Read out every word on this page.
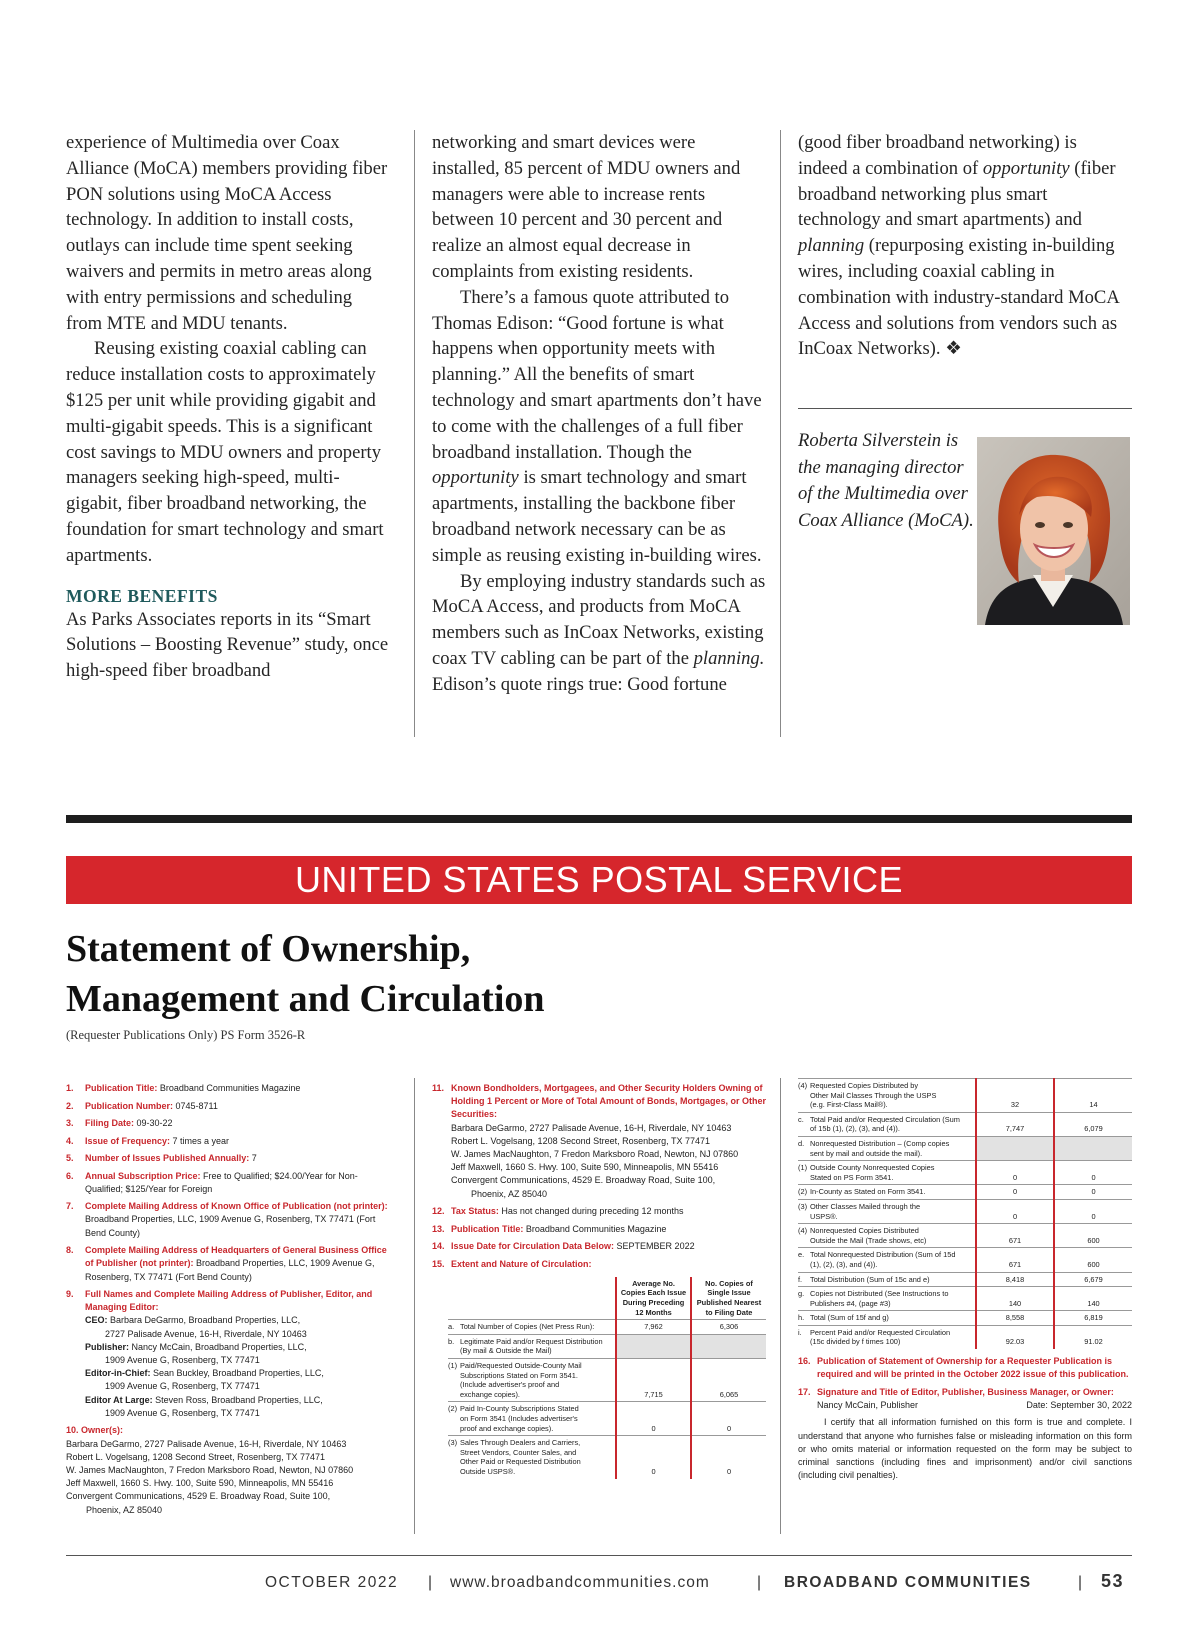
experience of Multimedia over Coax Alliance (MoCA) members providing fiber PON solutions using MoCA Access technology. In addition to install costs, outlays can include time spent seeking waivers and permits in metro areas along with entry permissions and scheduling from MTE and MDU tenants.

Reusing existing coaxial cabling can reduce installation costs to approximately $125 per unit while providing gigabit and multi-gigabit speeds. This is a significant cost savings to MDU owners and property managers seeking high-speed, multi-gigabit, fiber broadband networking, the foundation for smart technology and smart apartments.

MORE BENEFITS

As Parks Associates reports in its “Smart Solutions – Boosting Revenue” study, once high-speed fiber broadband

networking and smart devices were installed, 85 percent of MDU owners and managers were able to increase rents between 10 percent and 30 percent and realize an almost equal decrease in complaints from existing residents.

There’s a famous quote attributed to Thomas Edison: “Good fortune is what happens when opportunity meets with planning.” All the benefits of smart technology and smart apartments don’t have to come with the challenges of a full fiber broadband installation. Though the opportunity is smart technology and smart apartments, installing the backbone fiber broadband network necessary can be as simple as reusing existing in-building wires.

By employing industry standards such as MoCA Access, and products from MoCA members such as InCoax Networks, existing coax TV cabling can be part of the planning. Edison’s quote rings true: Good fortune

(good fiber broadband networking) is indeed a combination of opportunity (fiber broadband networking plus smart technology and smart apartments) and planning (repurposing existing in-building wires, including coaxial cabling in combination with industry-standard MoCA Access and solutions from vendors such as InCoax Networks). ❖

Roberta Silverstein is the managing director of the Multimedia over Coax Alliance (MoCA).
UNITED STATES POSTAL SERVICE
Statement of Ownership,
Management and Circulation
(Requester Publications Only) PS Form 3526-R
1. Publication Title: Broadband Communities Magazine
2. Publication Number: 0745-8711
3. Filing Date: 09-30-22
4. Issue of Frequency: 7 times a year
5. Number of Issues Published Annually: 7
6. Annual Subscription Price: Free to Qualified; $24.00/Year for Non-Qualified; $125/Year for Foreign
7. Complete Mailing Address of Known Office of Publication (not printer): Broadband Properties, LLC, 1909 Avenue G, Rosenberg, TX 77471 (Fort Bend County)
8. Complete Mailing Address of Headquarters of General Business Office of Publisher (not printer): Broadband Properties, LLC, 1909 Avenue G, Rosenberg, TX 77471 (Fort Bend County)
9. Full Names and Complete Mailing Address of Publisher, Editor, and Managing Editor:
CEO: Barbara DeGarmo, Broadband Properties, LLC,
2727 Palisade Avenue, 16-H, Riverdale, NY 10463
Publisher: Nancy McCain, Broadband Properties, LLC,
1909 Avenue G, Rosenberg, TX 77471
Editor-in-Chief: Sean Buckley, Broadband Properties, LLC,
1909 Avenue G, Rosenberg, TX 77471
Editor At Large: Steven Ross, Broadband Properties, LLC,
1909 Avenue G, Rosenberg, TX 77471
10. Owner(s):
Barbara DeGarmo, 2727 Palisade Avenue, 16-H, Riverdale, NY 10463
Robert L. Vogelsang, 1208 Second Street, Rosenberg, TX 77471
W. James MacNaughton, 7 Fredon Marksboro Road, Newton, NJ 07860
Jeff Maxwell, 1660 S. Hwy. 100, Suite 590, Minneapolis, MN 55416
Convergent Communications, 4529 E. Broadway Road, Suite 100,
Phoenix, AZ 85040
11. Known Bondholders, Mortgagees, and Other Security Holders Owning of Holding 1 Percent or More of Total Amount of Bonds, Mortgages, or Other Securities:
Barbara DeGarmo, 2727 Palisade Avenue, 16-H, Riverdale, NY 10463
Robert L. Vogelsang, 1208 Second Street, Rosenberg, TX 77471
W. James MacNaughton, 7 Fredon Marksboro Road, Newton, NJ 07860
Jeff Maxwell, 1660 S. Hwy. 100, Suite 590, Minneapolis, MN 55416
Convergent Communications, 4529 E. Broadway Road, Suite 100,
Phoenix, AZ 85040
12. Tax Status: Has not changed during preceding 12 months
13. Publication Title: Broadband Communities Magazine
14. Issue Date for Circulation Data Below: SEPTEMBER 2022
15. Extent and Nature of Circulation:
	Average No. Copies Each Issue During Preceding 12 Months	No. Copies of Single Issue Published Nearest to Filing Date
a. Total Number of Copies (Net Press Run):	7,962	6,306
b. Legitimate Paid and/or Request Distribution (By mail & Outside the Mail)		
(1) Paid/Requested Outside-County Mail Subscriptions Stated on Form 3541. (Include advertiser's proof and exchange copies).	7,715	6,065
(2) Paid In-County Subscriptions Stated on Form 3541 (Includes advertiser's proof and exchange copies).	0	0
(3) Sales Through Dealers and Carriers, Street Vendors, Counter Sales, and Other Paid or Requested Distribution Outside USPS®.	0	0
(4) Requested Copies Distributed by Other Mail Classes Through the USPS (e.g. First-Class Mail®).	32	14
c. Total Paid and/or Requested Circulation (Sum of 15b (1), (2), (3), and (4)).	7,747	6,079
d. Nonrequested Distribution – (Comp copies sent by mail and outside the mail).		
(1) Outside County Nonrequested Copies Stated on PS Form 3541.	0	0
(2) In-County as Stated on Form 3541.	0	0
(3) Other Classes Mailed through the USPS®.	0	0
(4) Nonrequested Copies Distributed Outside the Mail (Trade shows, etc)	671	600
e. Total Nonrequested Distribution (Sum of 15d (1), (2), (3), and (4)).	671	600
f. Total Distribution (Sum of 15c and e)	8,418	6,679
g. Copies not Distributed (See Instructions to Publishers #4, (page #3)	140	140
h. Total (Sum of 15f and g)	8,558	6,819
i. Percent Paid and/or Requested Circulation (15c divided by f times 100)	92.03	91.02
16. Publication of Statement of Ownership for a Requester Publication is required and will be printed in the October 2022 issue of this publication.
17. Signature and Title of Editor, Publisher, Business Manager, or Owner:
Nancy McCain, Publisher	Date: September 30, 2022
I certify that all information furnished on this form is true and complete. I understand that anyone who furnishes false or misleading information on this form or who omits material or information requested on the form may be subject to criminal sanctions (including fines and imprisonment) and/or civil sanctions (including civil penalties).
OCTOBER 2022 | www.broadbandcommunities.com	| BROADBAND COMMUNITIES	| 53
